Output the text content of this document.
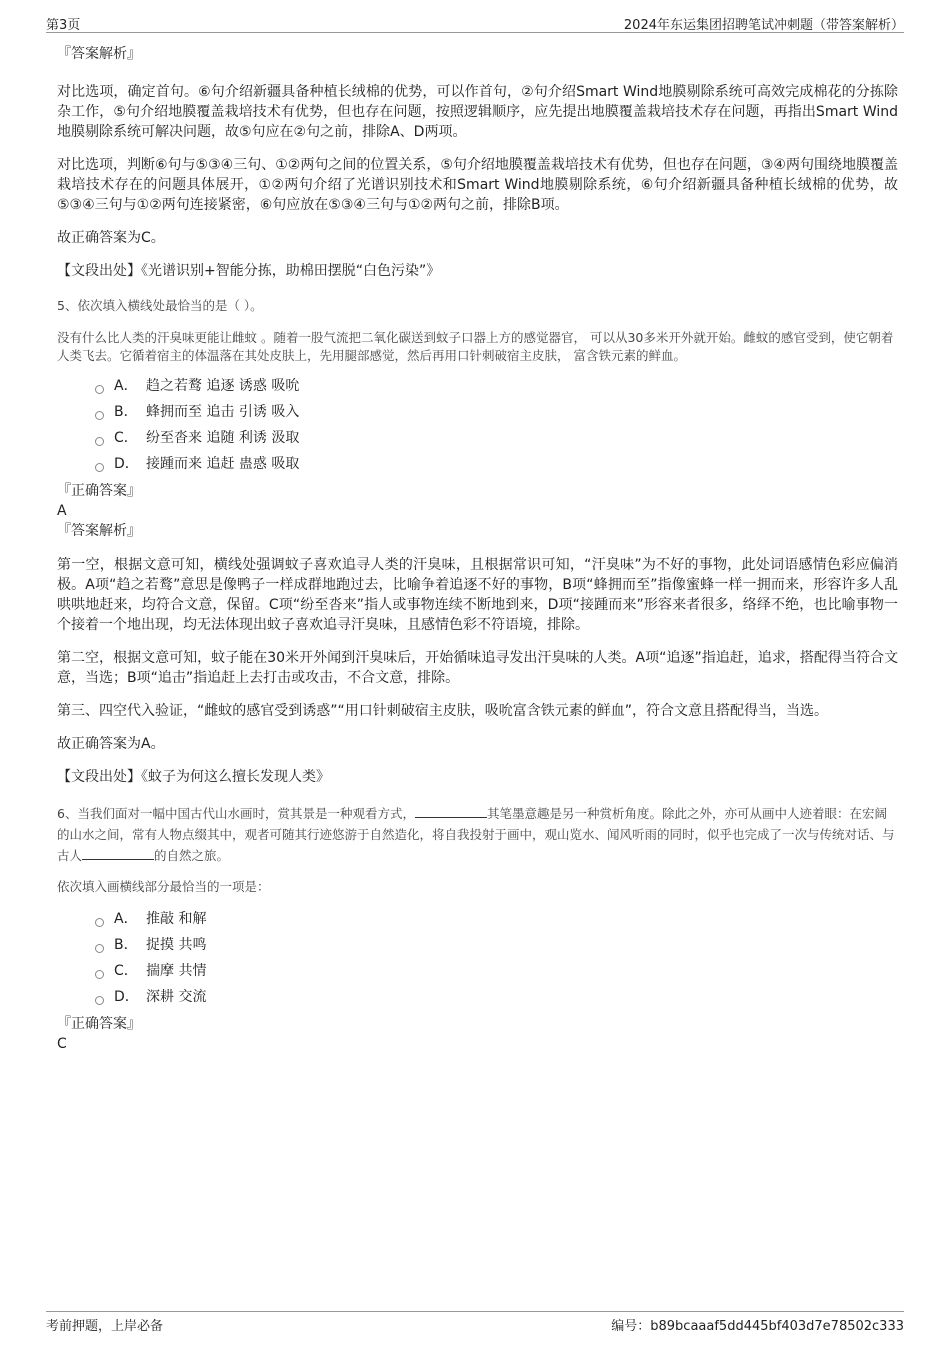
第3页	2024年东运集团招聘笔试冲刺题（带答案解析）

『答案解析』

对比选项，确定首句。⑥句介绍新疆具备种植长绒棉的优势，可以作首句，②句介绍Smart Wind地膜剔除系统可高效完成棉花的分拣除杂工作，⑤句介绍地膜覆盖栽培技术有优势，但也存在问题，按照逻辑顺序，应先提出地膜覆盖栽培技术存在问题，再指出Smart Wind地膜剔除系统可解决问题，故⑤句应在②句之前，排除A、D两项。

对比选项，判断⑥句与⑤③④三句、①②两句之间的位置关系，⑤句介绍地膜覆盖栽培技术有优势，但也存在问题，③④两句围绕地膜覆盖栽培技术存在的问题具体展开，①②两句介绍了光谱识别技术和Smart Wind地膜剔除系统，⑥句介绍新疆具备种植长绒棉的优势，故⑤③④三句与①②两句连接紧密，⑥句应放在⑤③④三句与①②两句之前，排除B项。

故正确答案为C。

【文段出处】《光谱识别+智能分拣，助棉田摆脱“白色污染”》

5、依次填入横线处最恰当的是（ ）。

没有什么比人类的汗臭味更能让雌蚊 。随着一股气流把二氧化碳送到蚊子口器上方的感觉器官， 可以从30多米开外就开始。雌蚊的感官受到，使它朝着人类飞去。它循着宿主的体温落在其处皮肤上，先用腿部感觉，然后再用口针刺破宿主皮肤， 富含铁元素的鲜血。

A． 趋之若鹜 追逐 诱惑 吸吮
B． 蜂拥而至 追击 引诱 吸入
C． 纷至沓来 追随 利诱 汲取
D． 接踵而来 追赶 蛊惑 吸取

『正确答案』

A

『答案解析』

第一空，根据文意可知，横线处强调蚊子喜欢追寻人类的汗臭味，且根据常识可知，“汗臭味”为不好的事物，此处词语感情色彩应偏消极。A项“趋之若鹜”意思是像鸭子一样成群地跑过去，比喻争着追逐不好的事物，B项“蜂拥而至”指像蜜蜂一样一拥而来，形容许多人乱哄哄地赶来，均符合文意，保留。C项“纷至沓来”指人或事物连续不断地到来，D项“接踵而来”形容来者很多，络绎不绝，也比喻事物一个接着一个地出现，均无法体现出蚊子喜欢追寻汗臭味，且感情色彩不符语境，排除。

第二空，根据文意可知，蚊子能在30米开外闻到汗臭味后，开始循味追寻发出汗臭味的人类。A项“追逐”指追赶，追求，搭配得当符合文意，当选；B项“追击”指追赶上去打击或攻击，不合文意，排除。

第三、四空代入验证，“雌蚊的感官受到诱惑”“用口针刺破宿主皮肤，吸吮富含铁元素的鲜血”，符合文意且搭配得当，当选。

故正确答案为A。

【文段出处】《蚊子为何这么擅长发现人类》

6、当我们面对一幅中国古代山水画时，赏其景是一种观看方式，	其笔墨意趣是另一种赏析角度。除此之外，亦可从画中人迹着眼：在宏阔的山水之间，常有人物点缀其中，观者可随其行迹悠游于自然造化，将自我投射于画中，观山览水、闻风听雨的同时，似乎也完成了一次与传统对话、与古人	的自然之旅。

依次填入画横线部分最恰当的一项是：

A． 推敲 和解
B． 捉摸 共鸣
C． 揣摩 共情
D． 深耕 交流

『正确答案』

C

考前押题，上岸必备	编号：b89bcaaaf5dd445bf403d7e78502c333
